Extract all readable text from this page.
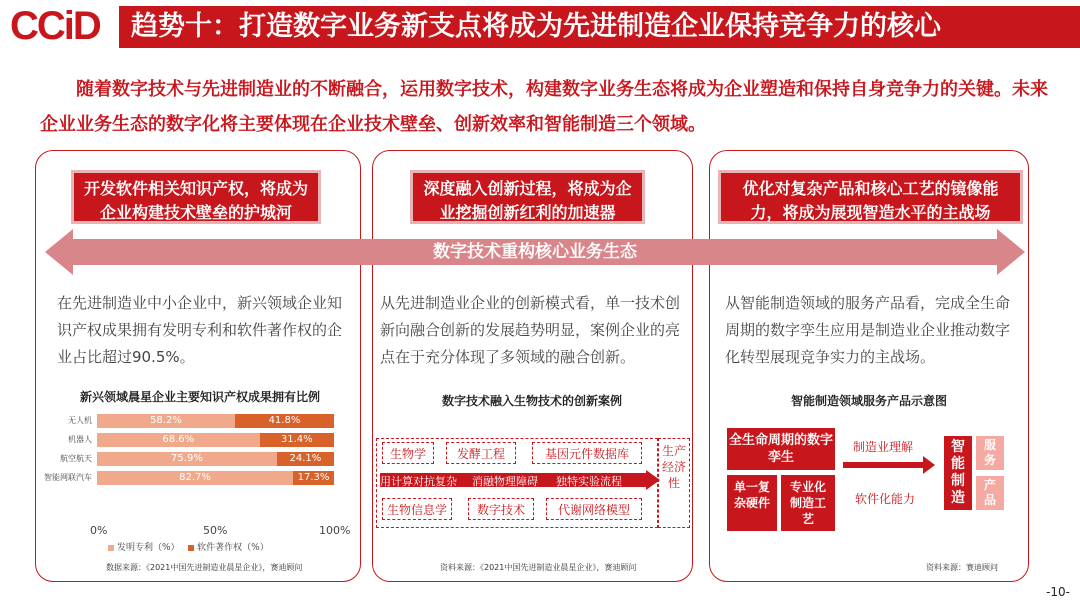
CCiD	趋势十：打造数字业务新支点将成为先进制造企业保持竞争力的核心
随着数字技术与先进制造业的不断融合，运用数字技术，构建数字业务生态将成为企业塑造和保持自身竞争力的关键。未来企业业务生态的数字化将主要体现在企业技术壁垒、创新效率和智能制造三个领域。
开发软件相关知识产权，将成为企业构建技术壁垒的护城河
深度融入创新过程，将成为企业挖掘创新红利的加速器
优化对复杂产品和核心工艺的镜像能力，将成为展现智造水平的主战场
数字技术重构核心业务生态
在先进制造业中小企业中，新兴领域企业知识产权成果拥有发明专利和软件著作权的企业占比超过90.5%。
从先进制造业企业的创新模式看，单一技术创新向融合创新的发展趋势明显，案例企业的亮点在于充分体现了多领域的融合创新。
从智能制造领域的服务产品看，完成全生命周期的数字孪生应用是制造业企业推动数字化转型展现竞争实力的主战场。
新兴领域晨星企业主要知识产权成果拥有比例	数字技术融入生物技术的创新案例	智能制造领域服务产品示意图
无人机	58.2%	41.8%
机器人	68.6%	31.4%
航空航天	75.9%	24.1%
智能网联汽车	82.7%	17.3%
0%	50%	100%
发明专利（%） 软件著作权（%）
生物学	发酵工程	基因元件数据库
用计算对抗复杂 消融物理障碍 独特实验流程
生物信息学	数字技术	代谢网络模型
生产经济性
全生命周期的数字孪生
单一复杂硬件
专业化制造工艺
制造业理解
软件化能力
智能制造
服务
产品
数据来源：《2021中国先进制造业晨星企业》，赛迪顾问	资料来源：《2021中国先进制造业晨星企业》，赛迪顾问	资料来源：赛迪顾问
-10-
